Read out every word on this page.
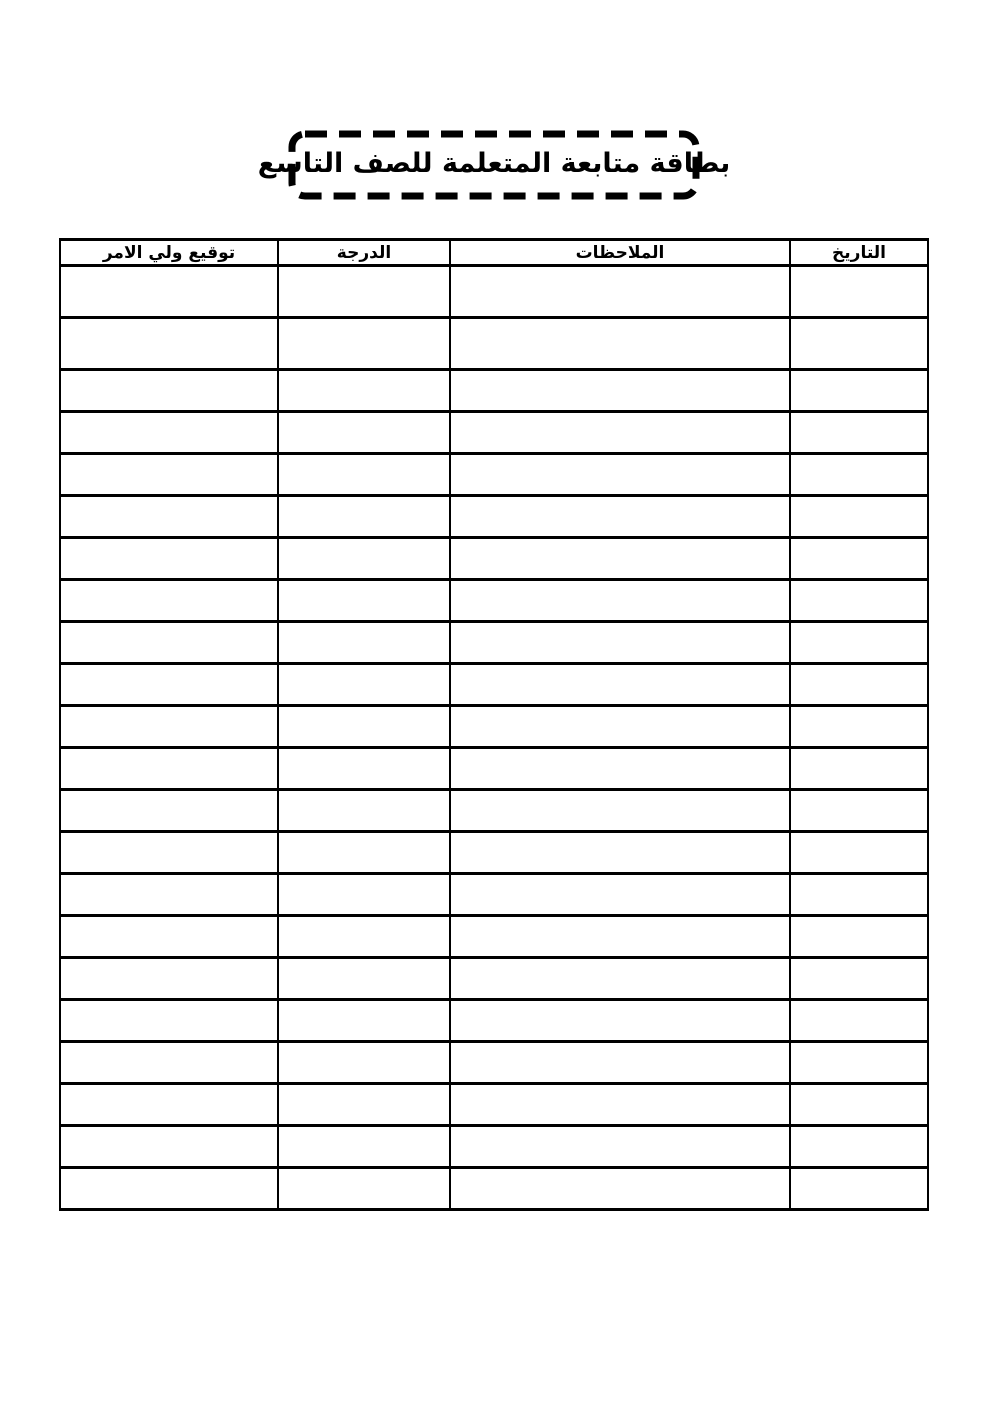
بطاقة متابعة المتعلمة للصف التاسع
التاريخ	الملاحظات	الدرجة	توقيع ولي الامر
